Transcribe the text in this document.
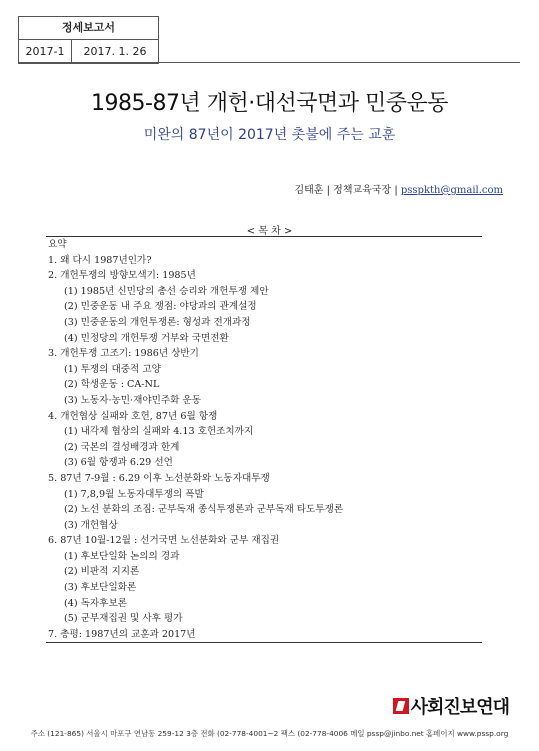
정세보고서
2017-1	2017. 1. 26
1985-87년 개헌·대선국면과 민중운동
미완의 87년이 2017년 촛불에 주는 교훈
김태훈 | 정책교육국장 | psspkth@gmail.com
< 목 차 >
요약
1. 왜 다시 1987년인가?
2. 개헌투쟁의 방향모색기: 1985년
(1) 1985년 신민당의 총선 승리와 개헌투쟁 제안
(2) 민중운동 내 주요 쟁점: 야당과의 관계설정
(3) 민중운동의 개헌투쟁론: 형성과 전개과정
(4) 민정당의 개헌투쟁 거부와 국면전환
3. 개헌투쟁 고조기: 1986년 상반기
(1) 투쟁의 대중적 고양
(2) 학생운동 : CA-NL
(3) 노동자·농민·재야민주화 운동
4. 개헌협상 실패와 호헌, 87년 6월 항쟁
(1) 내각제 협상의 실패와 4.13 호헌조치까지
(2) 국본의 결성배경과 한계
(3) 6월 항쟁과 6.29 선언
5. 87년 7-9월 : 6.29 이후 노선분화와 노동자대투쟁
(1) 7,8,9월 노동자대투쟁의 폭발
(2) 노선 분화의 조짐: 군부독재 종식투쟁론과 군부독재 타도투쟁론
(3) 개헌협상
6. 87년 10월-12월 : 선거국면 노선분화와 군부 재집권
(1) 후보단일화 논의의 경과
(2) 비판적 지지론
(3) 후보단일화론
(4) 독자후보론
(5) 군부재집권 및 사후 평가
7. 총평: 1987년의 교훈과 2017년
사회진보연대
주소 (121-865) 서울시 마포구 연남동 259-12 3층 전화 (02-778-4001~2 팩스 (02-778-4006 메일 pssp@jinbo.net 홈페이지 www.pssp.org
